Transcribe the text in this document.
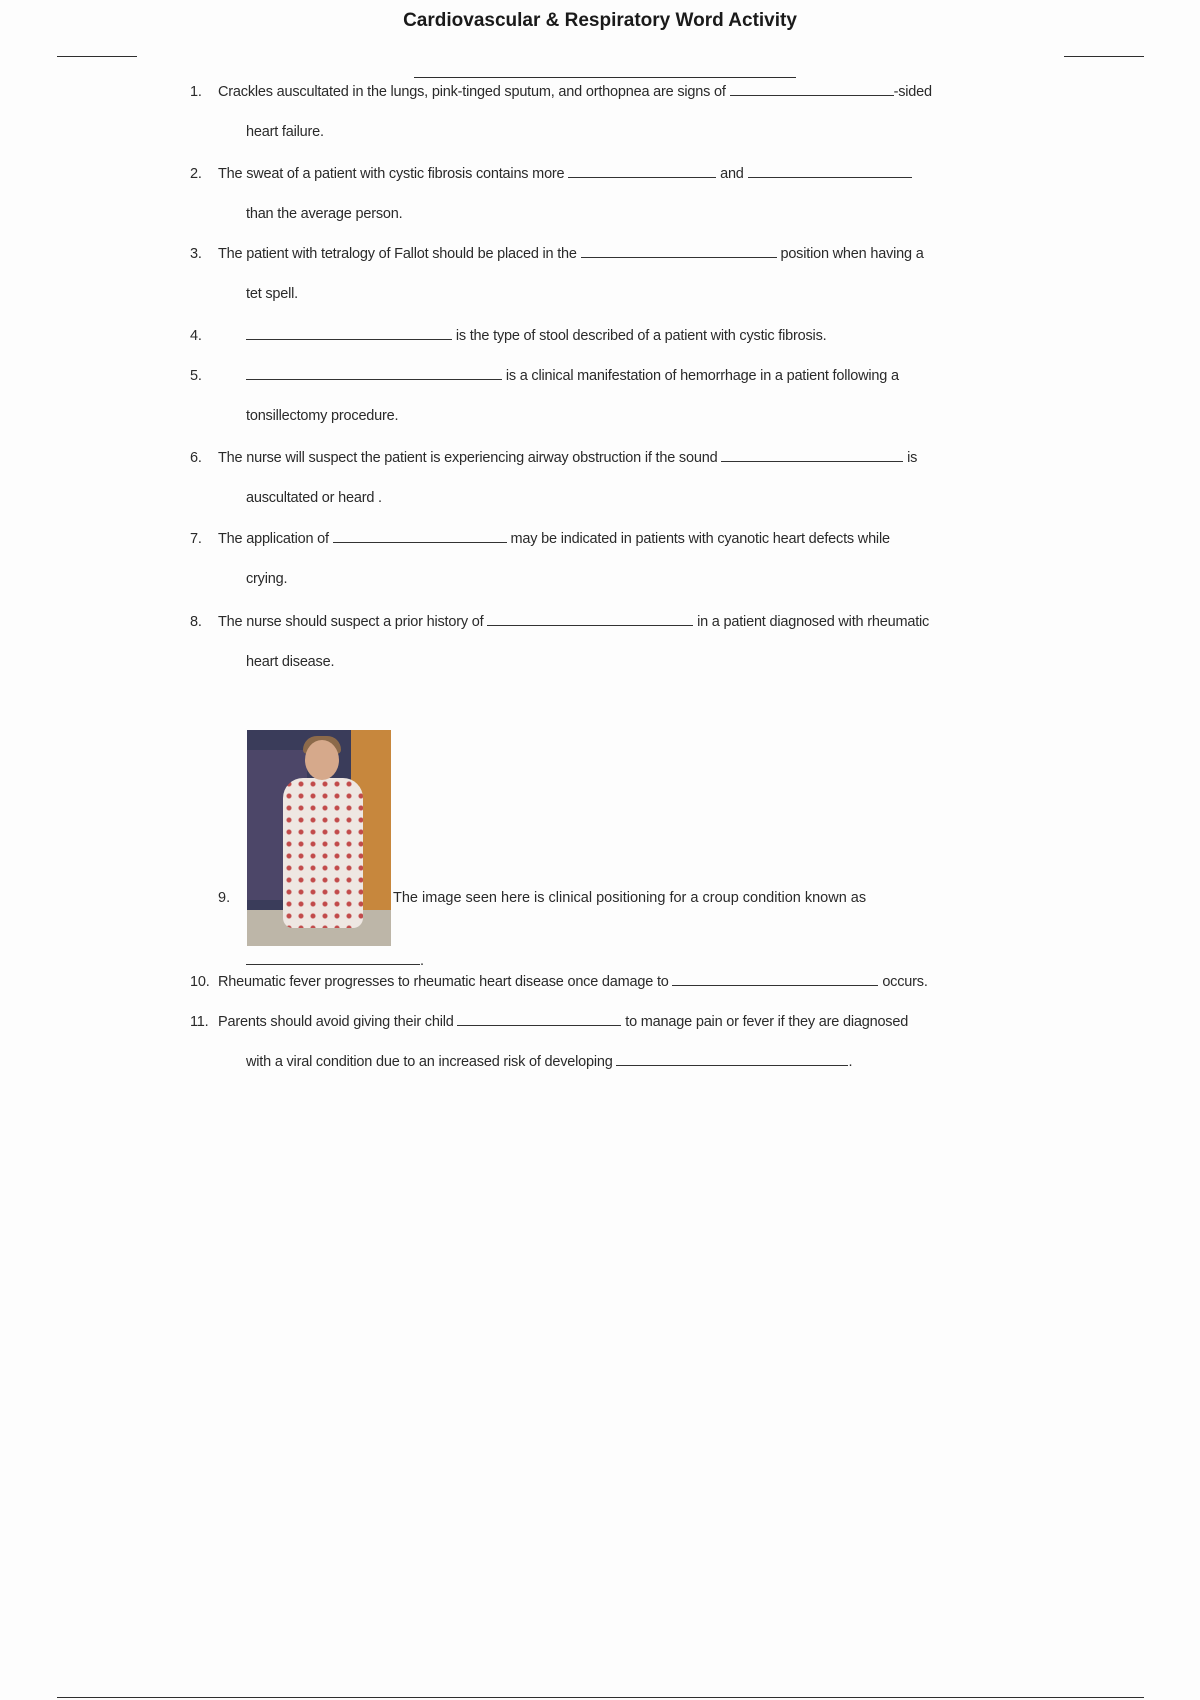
Cardiovascular & Respiratory Word Activity
1. Crackles auscultated in the lungs, pink-tinged sputum, and orthopnea are signs of	-sided
heart failure.
2. The sweat of a patient with cystic fibrosis contains more	and
than the average person.
3. The patient with tetralogy of Fallot should be placed in the	position when having a
tet spell.
4.	is the type of stool described of a patient with cystic fibrosis.
5.	is a clinical manifestation of hemorrhage in a patient following a
tonsillectomy procedure.
6. The nurse will suspect the patient is experiencing airway obstruction if the sound	is
auscultated or heard .
7. The application of	may be indicated in patients with cyanotic heart defects while
crying.
8. The nurse should suspect a prior history of	in a patient diagnosed with rheumatic
heart disease.
9.	The image seen here is clinical positioning for a croup condition known as
.
10. Rheumatic fever progresses to rheumatic heart disease once damage to	occurs.
11. Parents should avoid giving their child	to manage pain or fever if they are diagnosed
with a viral condition due to an increased risk of developing	.
